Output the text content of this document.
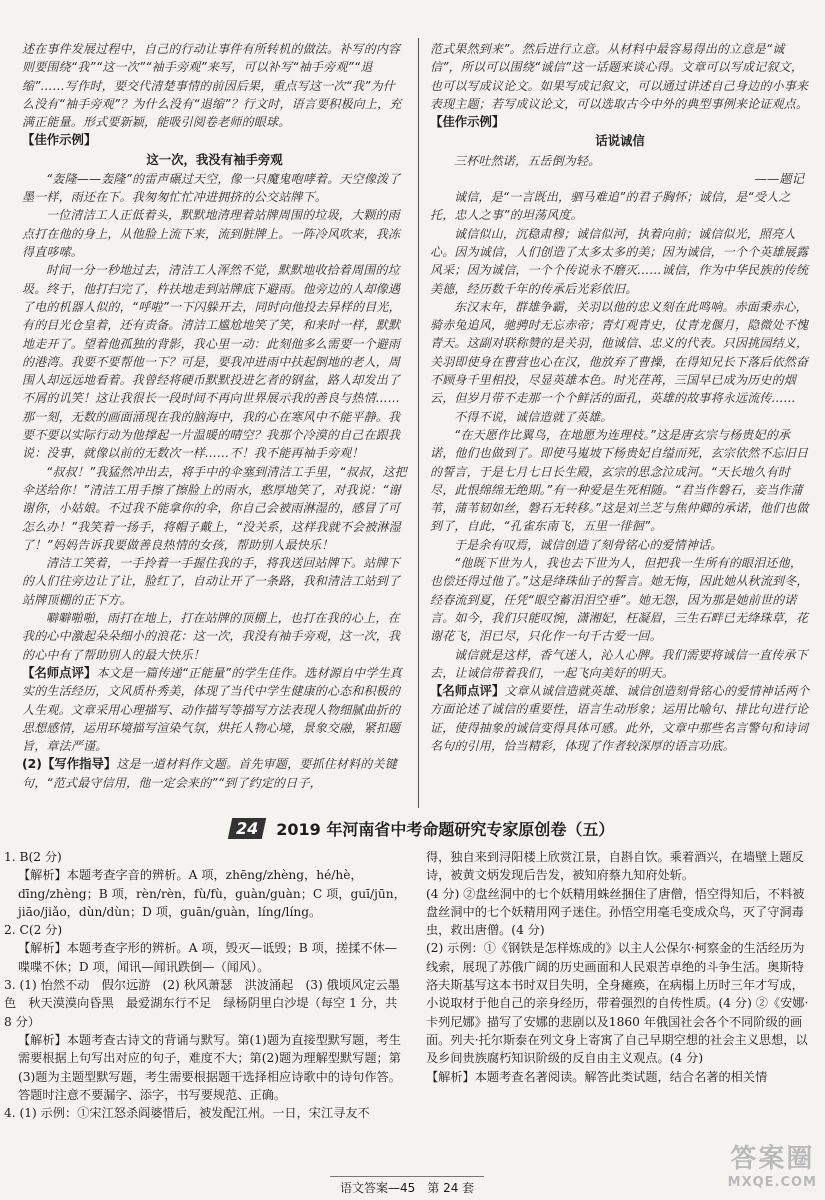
述在事件发展过程中，自己的行动让事件有所转机的做法。补写的内容则要围绕“我”“这一次”“袖手旁观”来写，可以补写“袖手旁观”“退缩”……写作时，要交代清楚事情的前因后果，重点写这一次“我”为什么没有“袖手旁观”？为什么没有“退缩”？行文时，语言要积极向上，充满正能量。形式要新颖，能吸引阅卷老师的眼球。

【佳作示例】
这一次，我没有袖手旁观

“轰隆——轰隆”的雷声碾过天空，像一只魔鬼咆哮着。天空像泼了墨一样，雨还在下。我匆匆忙忙冲进拥挤的公交站牌下。

一位清洁工人正低着头，默默地清理着站牌周围的垃圾，大颗的雨点打在他的身上，从他脸上流下来，流到脏牌上。一阵冷风吹来，我冻得直哆嗦。

时间一分一秒地过去，清洁工人浑然不觉，默默地收拾着周围的垃圾。终于，他打扫完了，杵扶地走到站牌底下避雨。他旁边的人却像遇了电的机器人似的，“呼啦”一下闪躲开去，同时向他投去异样的目光，有的目光仓皇着，还有责备。清洁工尴尬地笑了笑，和来时一样，默默地走开了。望着他孤独的背影，我心里一动：此刻他多么需要一个避雨的港湾。我要不要帮他一下？可是，要我冲进雨中扶起倒地的老人，周围人却远远地看着。我曾经将硬币默默投进乞者的钢盆，路人却发出了不屑的讥笑！这让我很长一段时间不再向世界展示我的善良与热情……那一刻，无数的画面涌现在我的脑海中，我的心在寒风中不能平静。我要不要以实际行动为他撑起一片温暖的晴空？我那个冷漠的自己在跟我说：没事，就像以前的无数次一样……不！我不能再袖手旁观！

“叔叔！”我猛然冲出去，将手中的伞塞到清洁工手里，“叔叔，这把伞送给你！”清洁工用手擦了擦脸上的雨水，憨厚地笑了，对我说：“谢谢你，小姑娘。不过我不能拿你的伞，你自己会被雨淋湿的，感冒了可怎么办！”我笑着一扬手，将帽子戴上，“没关系，这样我就不会被淋湿了！”妈妈告诉我要做善良热情的女孩，帮助别人最快乐！

清洁工笑着，一手拎着一手握住我的手，将我送回站牌下。站牌下的人们往旁边让了让，脸红了，自动让开了一条路，我和清洁工站到了站牌顶棚的正下方。

噼噼啪啪，雨打在地上，打在站牌的顶棚上，也打在我的心上，在我的心中激起朵朵细小的浪花：这一次，我没有袖手旁观，这一次，我的心中有了帮助别人的最大快乐！

【名师点评】本文是一篇传递“正能量”的学生佳作。选材源自中学生真实的生活经历，文风质朴秀美，体现了当代中学生健康的心态和积极的人生观。文章采用心理描写、动作描写等描写方法表现人物细腻曲折的思想感情，运用环境描写渲染气氛，烘托人物心境，景象交融，紧扣题旨，章法严谨。

(2)【写作指导】这是一道材料作文题。首先审题，要抓住材料的关键句，“范式最守信用，他一定会来的”“到了约定的日子，

范式果然到来”。然后进行立意。从材料中最容易得出的立意是“诚信”，所以可以围绕“诚信”这一话题来谈心得。文章可以写成记叙文，也可以写成议论文。如果写成记叙文，可以通过讲述自己身边的小事来表现主题；若写成议论文，可以选取古今中外的典型事例来论证观点。

【佳作示例】
话说诚信
三杯吐然诺，五岳倒为轻。
——题记

诚信，是“一言既出，驷马难追”的君子胸怀；诚信，是“受人之托，忠人之事”的坦荡风度。

诚信似山，沉稳肃穆；诚信似河，执着向前；诚信似光，照亮人心。因为诚信，人们创造了太多太多的美；因为诚信，一个个英雄展露风采；因为诚信，一个个传说永不磨灭……诚信，作为中华民族的传统美德，经历数千年的传承后光彩依旧。

东汉末年，群雄争霸，关羽以他的忠义刻在此鸣响。赤面秉赤心，骑赤兔追风，驰骋时无忘赤帝；青灯观青史，仗青龙偃月，隐微处不愧青天。这副对联称赞的是关羽，他诚信、忠义的代表。只因挑园结义，关羽即使身在曹营也心在汉，他放弃了曹操，在得知兄长下落后依然奋不顾身千里相投，尽显英雄本色。时光荏苒，三国早已成为历史的烟云，但岁月带不走那一个个鲜活的面孔，英雄的故事将永远流传……

不得不说，诚信造就了英雄。

“在天愿作比翼鸟，在地愿为连理枝。”这是唐玄宗与杨贵妃的承诺，他们也做到了。即使马嵬坡下杨贵妃自缢而死，玄宗依然不忘旧日的誓言，于是七月七日长生殿，玄宗的思念泣成河。“天长地久有时尽，此恨绵绵无绝期。”有一种爱是生死相随。“君当作磐石，妾当作蒲苇，蒲苇韧如丝，磐石无转移。”这是刘兰芝与焦仲卿的承诺，他们也做到了，自此，“孔雀东南飞，五里一徘徊”。

于是余有叹焉，诚信创造了刻骨铭心的爱情神话。

“他既下世为人，我也去下世为人，但把我一生所有的眼泪还他，也偿还得过他了。”这是绛珠仙子的誓言。她无悔，因此她从秋流到冬，经春流到夏，任凭“眼空蓄泪泪空垂”。她无怨，因为那是她前世的诺言。如今，我们只能叹惋，潇湘妃，枉凝眉，三生石畔已无绛珠草，花谢花飞，泪已尽，只化作一句千古爱一回。

诚信就是这样，香气迷人，沁人心脾。我们需要将诚信一直传承下去，让诚信带着我们，一起飞向美好的明天。

【名师点评】文章从诚信造就英雄、诚信创造刻骨铭心的爱情神话两个方面论述了诚信的重要性，语言生动形象；运用比喻句、排比句进行论证，使得抽象的诚信变得具体可感。此外，文章中那些名言警句和诗词名句的引用，恰当精彩，体现了作者较深厚的语言功底。

24 2019 年河南省中考命题研究专家原创卷（五）

1. B(2 分)

【解析】本题考查字音的辨析。A 项，zhēng/zhèng，hé/hè，dīng/zhèng；B 项，rèn/rèn，fù/fù，guàn/guàn；C 项，guī/jūn，jiāo/jiǎo，dùn/dùn；D 项，guān/guàn，líng/líng。

2. C(2 分)

【解析】本题考查字形的辨析。A 项，毁灭—诋毁；B 项，搓揉不休—喋喋不休；D 项，闻讯—闻讯跌倒—（闻风）。

3. (1) 怡然不动　假尔远游　(2) 秋风萧瑟　洪波涌起　(3) 俄顷风定云墨色　秋天漠漠向昏黑　最爱湖东行不足　绿杨阴里白沙堤（每空 1 分，共 8 分）

【解析】本题考查古诗文的背诵与默写。第(1)题为直接型默写题，考生需要根据上句写出对应的句子，难度不大；第(2)题为理解型默写题；第(3)题为主题型默写题，考生需要根据题干选择相应诗歌中的诗句作答。答题时注意不要漏字、添字，书写要规范、正确。

4. (1) 示例：①宋江怒杀阎婆惜后，被发配江州。一日，宋江寻友不

得，独自来到浔阳楼上欣赏江景，自斟自饮。乘着酒兴，在墙壁上题反诗，被黄文炳发现后告发，被知府蔡九知府处斩。

(4 分) ②盘丝洞中的七个妖精用蛛丝捆住了唐僧，悟空得知后，不料被盘丝洞中的七个妖精用网子迷住。孙悟空用毫毛变成众鸟，灭了守洞毒虫，救出唐僧。(4 分)

(2) 示例：①《钢铁是怎样炼成的》以主人公保尔·柯察金的生活经历为线索，展现了苏俄广阔的历史画面和人民艰苦卓绝的斗争生活。奥斯特洛夫斯基写这本书时双目失明，全身瘫痪，在病榻上历时三年才写成，小说取材于他自己的亲身经历，带着强烈的自传性质。(4 分) ②《安娜·卡列尼娜》描写了安娜的悲剧以及1860 年俄国社会各个不同阶级的画面。列夫·托尔斯泰在列文身上寄寓了自己早期空想的社会主义思想，以及乡间贵族腐朽知识阶级的反自由主义观点。(4 分)

【解析】本题考查名著阅读。解答此类试题，结合名著的相关情

语文答案—45　第 24 套
答案圈
MXQE.COM
